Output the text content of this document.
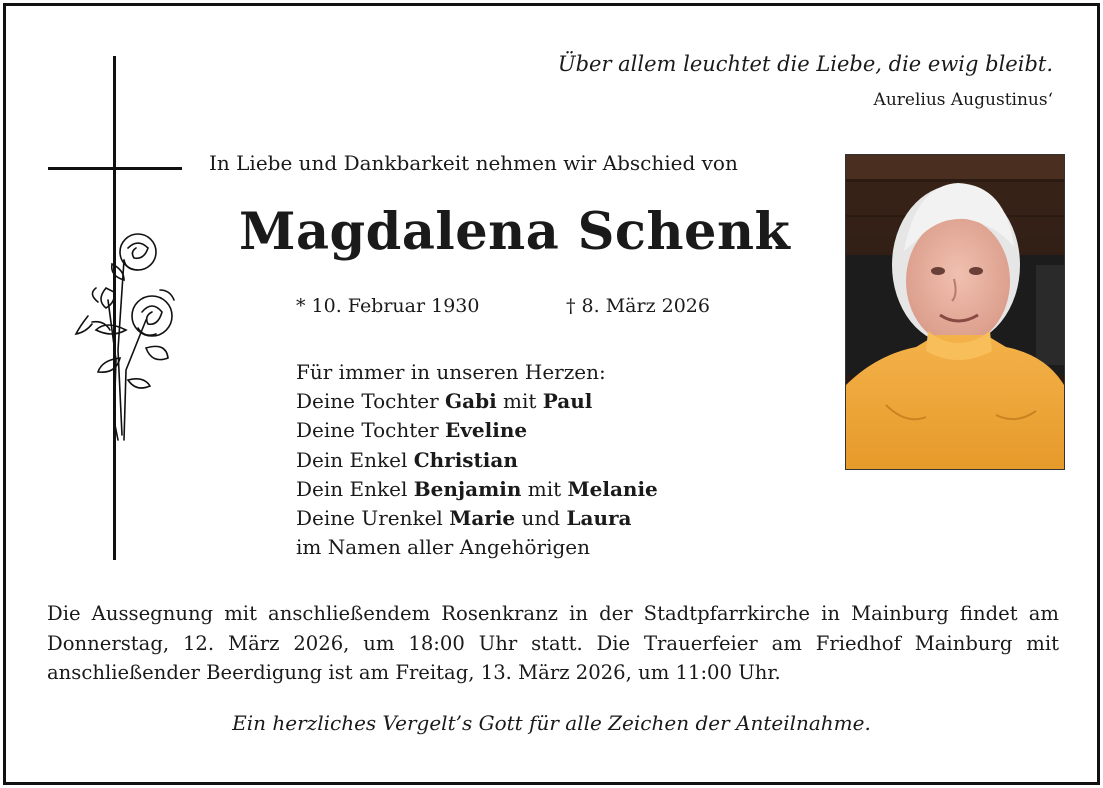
Über allem leuchtet die Liebe, die ewig bleibt.
Aurelius Augustinus‘
In Liebe und Dankbarkeit nehmen wir Abschied von
Magdalena Schenk
* 10. Februar 1930	† 8. März 2026
Für immer in unseren Herzen:
Deine Tochter Gabi mit Paul
Deine Tochter Eveline
Dein Enkel Christian
Dein Enkel Benjamin mit Melanie
Deine Urenkel Marie und Laura
im Namen aller Angehörigen
Die Aussegnung mit anschließendem Rosenkranz in der Stadtpfarrkirche in Mainburg findet am Donnerstag, 12. März 2026, um 18:00 Uhr statt. Die Trauerfeier am Friedhof Mainburg mit anschließender Beerdigung ist am Freitag, 13. März 2026, um 11:00 Uhr.
Ein herzliches Vergelt’s Gott für alle Zeichen der Anteilnahme.
